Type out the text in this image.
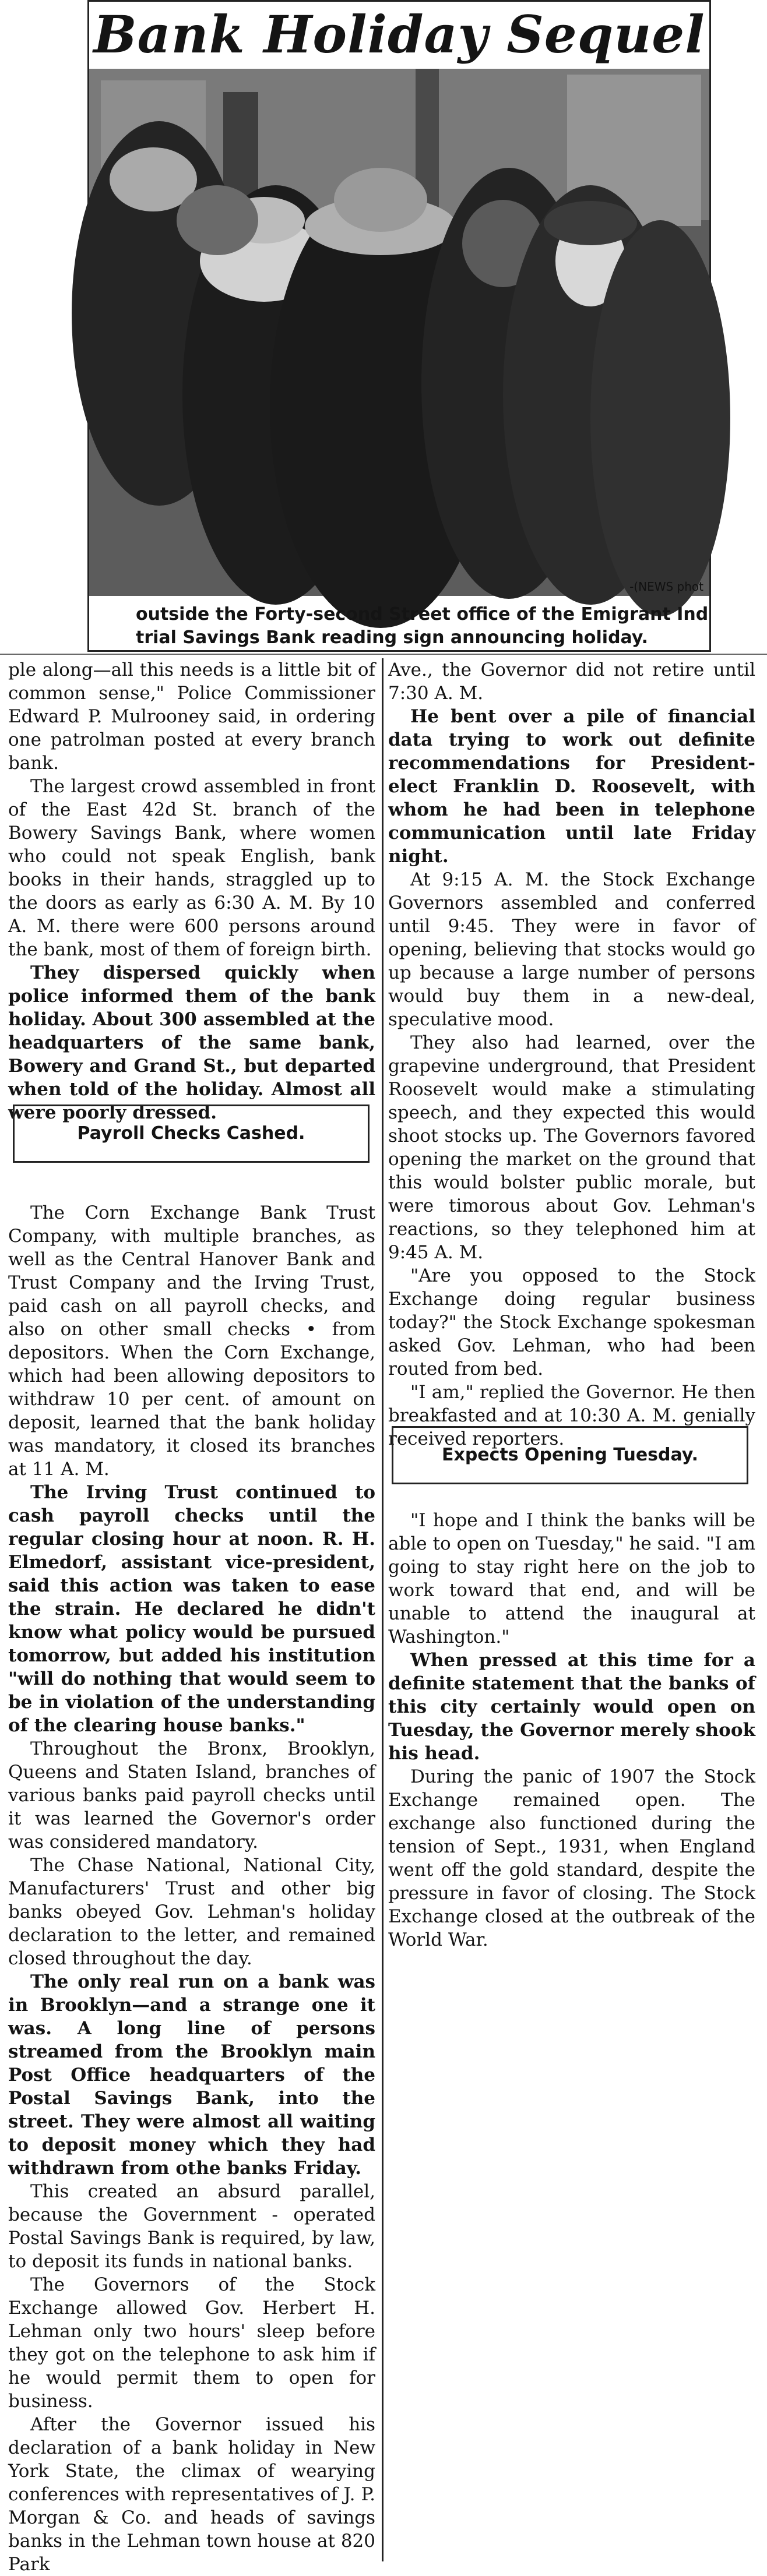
Bank Holiday Sequel
-(NEWS phot
outside the Forty-second Street office of the Emigrant Ind trial Savings Bank reading sign announcing holiday.

ple along—all this needs is a little bit of common sense," Police Commissioner Edward P. Mulrooney said, in ordering one patrolman posted at every branch bank.

The largest crowd assembled in front of the East 42d St. branch of the Bowery Savings Bank, where women who could not speak English, bank books in their hands, straggled up to the doors as early as 6:30 A. M. By 10 A. M. there were 600 persons around the bank, most of them of foreign birth.

They dispersed quickly when police informed them of the bank holiday. About 300 assembled at the headquarters of the same bank, Bowery and Grand St., but departed when told of the holiday. Almost all were poorly dressed.

The Corn Exchange Bank Trust Company, with multiple branches, as well as the Central Hanover Bank and Trust Company and the Irving Trust, paid cash on all payroll checks, and also on other small checks • from depositors. When the Corn Exchange, which had been allowing depositors to withdraw 10 per cent. of amount on deposit, learned that the bank holiday was mandatory, it closed its branches at 11 A. M.

The Irving Trust continued to cash payroll checks until the regular closing hour at noon. R. H. Elmedorf, assistant vice-president, said this action was taken to ease the strain. He declared he didn't know what policy would be pursued tomorrow, but added his institution "will do nothing that would seem to be in violation of the understanding of the clearing house banks."

Throughout the Bronx, Brooklyn, Queens and Staten Island, branches of various banks paid payroll checks until it was learned the Governor's order was considered mandatory.

The Chase National, National City, Manufacturers' Trust and other big banks obeyed Gov. Lehman's holiday declaration to the letter, and remained closed throughout the day.

The only real run on a bank was in Brooklyn—and a strange one it was. A long line of persons streamed from the Brooklyn main Post Office headquarters of the Postal Savings Bank, into the street. They were almost all waiting to deposit money which they had withdrawn from othe banks Friday.

This created an absurd parallel, because the Government - operated Postal Savings Bank is required, by law, to deposit its funds in national banks.

The Governors of the Stock Exchange allowed Gov. Herbert H. Lehman only two hours' sleep before they got on the telephone to ask him if he would permit them to open for business.

After the Governor issued his declaration of a bank holiday in New York State, the climax of wearying conferences with representatives of J. P. Morgan & Co. and heads of savings banks in the Lehman town house at 820 Park

Payroll Checks Cashed.

Ave., the Governor did not retire until 7:30 A. M.

He bent over a pile of financial data trying to work out definite recommendations for President-elect Franklin D. Roosevelt, with whom he had been in telephone communication until late Friday night.

At 9:15 A. M. the Stock Exchange Governors assembled and conferred until 9:45. They were in favor of opening, believing that stocks would go up because a large number of persons would buy them in a new-deal, speculative mood.

They also had learned, over the grapevine underground, that President Roosevelt would make a stimulating speech, and they expected this would shoot stocks up. The Governors favored opening the market on the ground that this would bolster public morale, but were timorous about Gov. Lehman's reactions, so they telephoned him at 9:45 A. M.

"Are you opposed to the Stock Exchange doing regular business today?" the Stock Exchange spokesman asked Gov. Lehman, who had been routed from bed.

"I am," replied the Governor. He then breakfasted and at 10:30 A. M. genially received reporters.

Expects Opening Tuesday.

"I hope and I think the banks will be able to open on Tuesday," he said. "I am going to stay right here on the job to work toward that end, and will be unable to attend the inaugural at Washington."

When pressed at this time for a definite statement that the banks of this city certainly would open on Tuesday, the Governor merely shook his head.

During the panic of 1907 the Stock Exchange remained open. The exchange also functioned during the tension of Sept., 1931, when England went off the gold standard, despite the pressure in favor of closing. The Stock Exchange closed at the outbreak of the World War.
